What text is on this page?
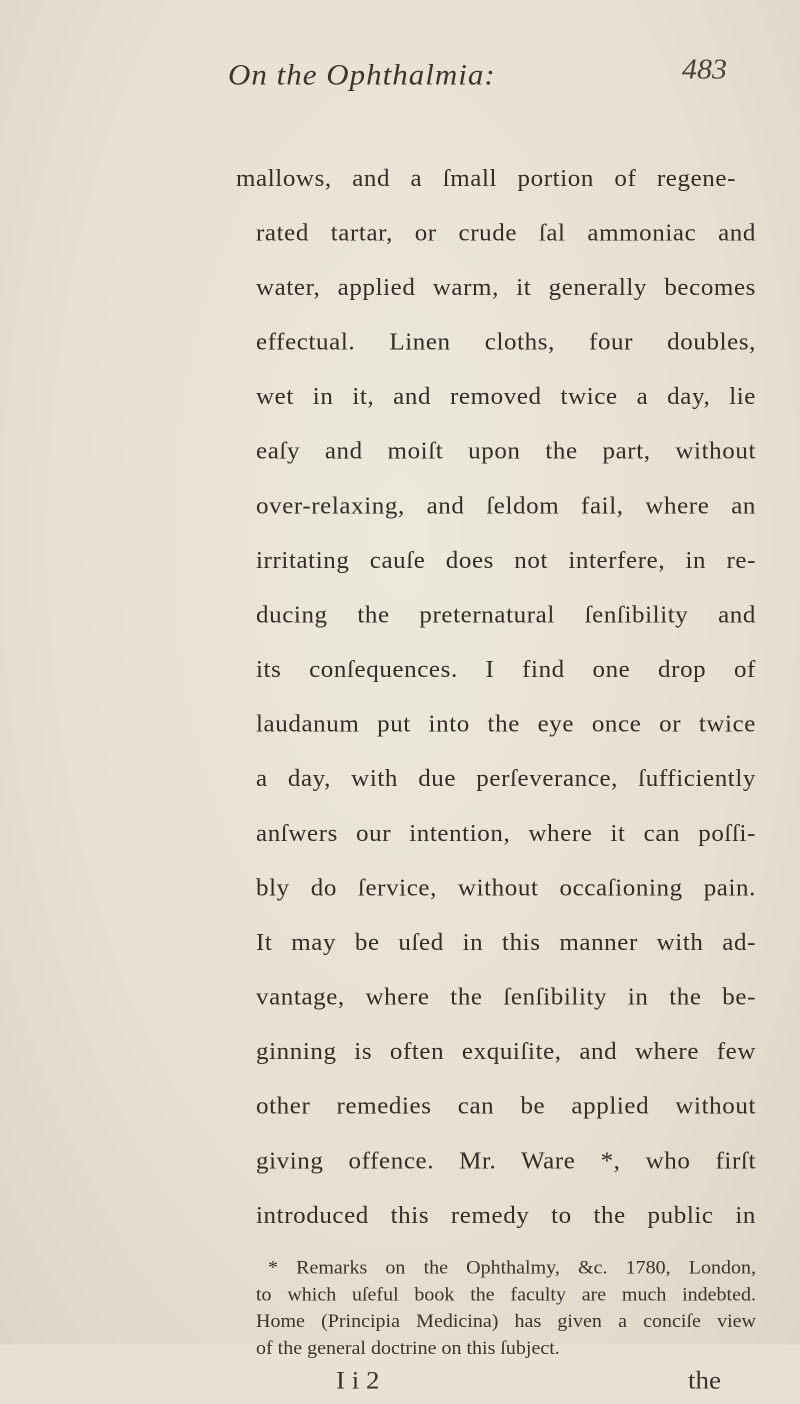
On the Ophthalmia:	483
mallows, and a ſmall portion of regene-
rated tartar, or crude ſal ammoniac and
water, applied warm, it generally becomes
effectual. Linen cloths, four doubles,
wet in it, and removed twice a day, lie
eaſy and moiſt upon the part, without
over-relaxing, and ſeldom fail, where an
irritating cauſe does not interfere, in re-
ducing the preternatural ſenſibility and
its conſequences. I find one drop of
laudanum put into the eye once or twice
a day, with due perſeverance, ſufficiently
anſwers our intention, where it can poſſi-
bly do ſervice, without occaſioning pain.
It may be uſed in this manner with ad-
vantage, where the ſenſibility in the be-
ginning is often exquiſite, and where few
other remedies can be applied without
giving offence. Mr. Ware *, who firſt
introduced this remedy to the public in
* Remarks on the Ophthalmy, &c. 1780, London,
to which uſeful book the faculty are much indebted.
Home (Principia Medicina) has given a conciſe view
of the general doctrine on this ſubject.
I i 2	the
